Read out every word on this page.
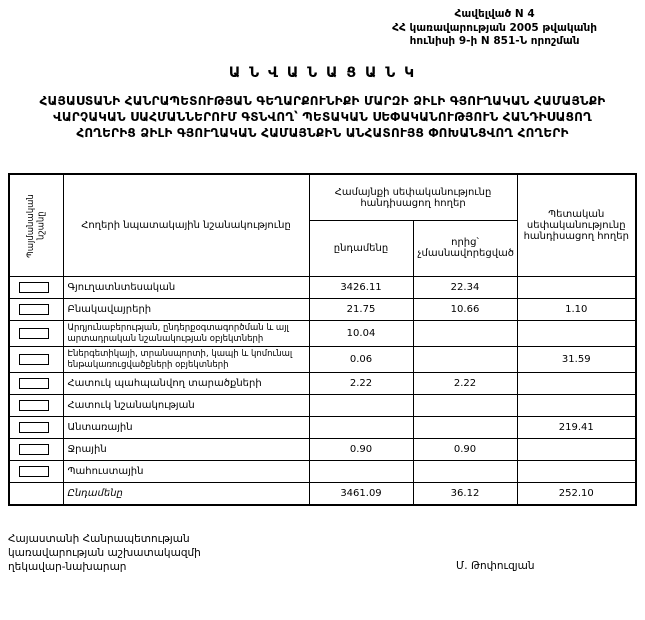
Հավելված N 4
ՀՀ կառավարության 2005 թվականի
հունիսի 9-ի N 851-Ն որոշման
Ա Ն Վ Ա Ն Ա Ց Ա Ն Կ
ՀԱՅԱՍՏԱՆԻ ՀԱՆՐԱՊԵՏՈՒԹՅԱՆ ԳԵՂԱՐՔՈՒՆԻՔԻ ՄԱՐԶԻ ՁԻԼԻ ԳՅՈՒՂԱԿԱՆ ՀԱՄԱՅՆՔԻ
ՎԱՐՉԱԿԱՆ ՍԱՀՄԱՆՆԵՐՈՒՄ ԳՏՆՎՈՂ՝ ՊԵՏԱԿԱՆ ՍԵՓԱԿԱՆՈՒԹՅՈՒՆ ՀԱՆԴԻՍԱՑՈՂ
ՀՈՂԵՐԻՑ ՁԻԼԻ ԳՅՈՒՂԱԿԱՆ ՀԱՄԱՅՆՔԻՆ ԱՆՀԱՏՈՒՅՑ ՓՈԽԱՆՑՎՈՂ ՀՈՂԵՐԻ
Պայմանական նշանը	Հողերի նպատակային նշանակությունը	Համայնքի սեփականությունը հանդիսացող հողեր		Պետական սեփականությունը հանդիսացող հողեր
		ընդամենը	որից՝ չմասնավորեցված	

	Գյուղատնտեսական	3426.11	22.34	

	Բնակավայրերի	21.75	10.66	1.10

	Արդյունաբերության, ընդերքօգտագործման և այլ արտադրական նշանակության օբյեկտների	10.04		

	Էներգետիկայի, տրանսպորտի, կապի և կոմունալ ենթակառուցվածքների օբյեկտների	0.06		31.59

	Հատուկ պահպանվող տարածքների	2.22	2.22	

	Հատուկ նշանակության			

	Անտառային			219.41

	Ջրային	0.90	0.90	

	Պահուստային			
	Ընդամենը	3461.09	36.12	252.10
Հայաստանի Հանրապետության
կառավարության աշխատակազմի
ղեկավար-նախարար	Մ. Թոփուզյան
